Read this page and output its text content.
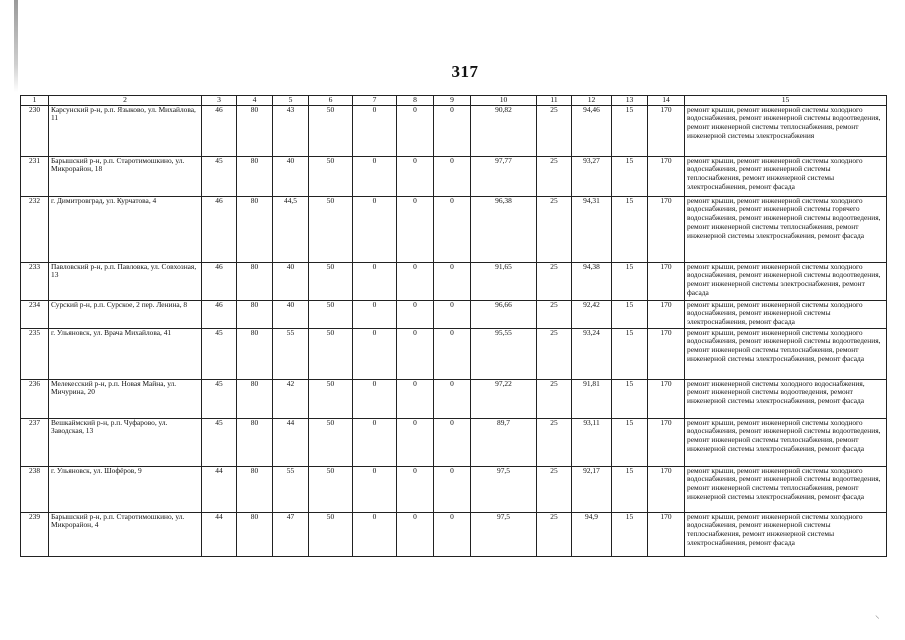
317
1	2	3	4	5	6	7	8	9	10	11	12	13	14	15
230	Карсунский р-н, р.п. Языково, ул. Михайлова, 11	46	80	43	50	0	0	0	90,82	25	94,46	15	170	ремонт крыши, ремонт инженерной системы холодного водоснабжения, ремонт инженерной системы водоотведения, ремонт инженерной системы теплоснабжения, ремонт инженерной системы электроснабжения
231	Барышский р-н, р.п. Старотимошкино, ул. Микрорайон, 18	45	80	40	50	0	0	0	97,77	25	93,27	15	170	ремонт крыши, ремонт инженерной системы холодного водоснабжения, ремонт инженерной системы теплоснабжения, ремонт инженерной системы электроснабжения, ремонт фасада
232	г. Димитровград, ул. Курчатова, 4	46	80	44,5	50	0	0	0	96,38	25	94,31	15	170	ремонт крыши, ремонт инженерной системы холодного водоснабжения, ремонт инженерной системы горячего водоснабжения, ремонт инженерной системы водоотведения, ремонт инженерной системы теплоснабжения, ремонт инженерной системы электроснабжения, ремонт фасада
233	Павловский р-н, р.п. Павловка, ул. Совхозная, 13	46	80	40	50	0	0	0	91,65	25	94,38	15	170	ремонт крыши, ремонт инженерной системы холодного водоснабжения, ремонт инженерной системы водоотведения, ремонт инженерной системы электроснабжения, ремонт фасада
234	Сурский р-н, р.п. Сурское, 2 пер. Ленина, 8	46	80	40	50	0	0	0	96,66	25	92,42	15	170	ремонт крыши, ремонт инженерной системы холодного водоснабжения, ремонт инженерной системы электроснабжения, ремонт фасада
235	г. Ульяновск, ул. Врача Михайлова, 41	45	80	55	50	0	0	0	95,55	25	93,24	15	170	ремонт крыши, ремонт инженерной системы холодного водоснабжения, ремонт инженерной системы водоотведения, ремонт инженерной системы теплоснабжения, ремонт инженерной системы электроснабжения, ремонт фасада
236	Мелекесский р-н, р.п. Новая Майна, ул. Мичурина, 20	45	80	42	50	0	0	0	97,22	25	91,81	15	170	ремонт инженерной системы холодного водоснабжения, ремонт инженерной системы водоотведения, ремонт инженерной системы электроснабжения, ремонт фасада
237	Вешкаймский р-н, р.п. Чуфарово, ул. Заводская, 13	45	80	44	50	0	0	0	89,7	25	93,11	15	170	ремонт крыши, ремонт инженерной системы холодного водоснабжения, ремонт инженерной системы водоотведения, ремонт инженерной системы теплоснабжения, ремонт инженерной системы электроснабжения, ремонт фасада
238	г. Ульяновск, ул. Шофёров, 9	44	80	55	50	0	0	0	97,5	25	92,17	15	170	ремонт крыши, ремонт инженерной системы холодного водоснабжения, ремонт инженерной системы водоотведения, ремонт инженерной системы теплоснабжения, ремонт инженерной системы электроснабжения, ремонт фасада
239	Барышский р-н, р.п. Старотимошкино, ул. Микрорайон, 4	44	80	47	50	0	0	0	97,5	25	94,9	15	170	ремонт крыши, ремонт инженерной системы холодного водоснабжения, ремонт инженерной системы теплоснабжения, ремонт инженерной системы электроснабжения, ремонт фасада
⸜
